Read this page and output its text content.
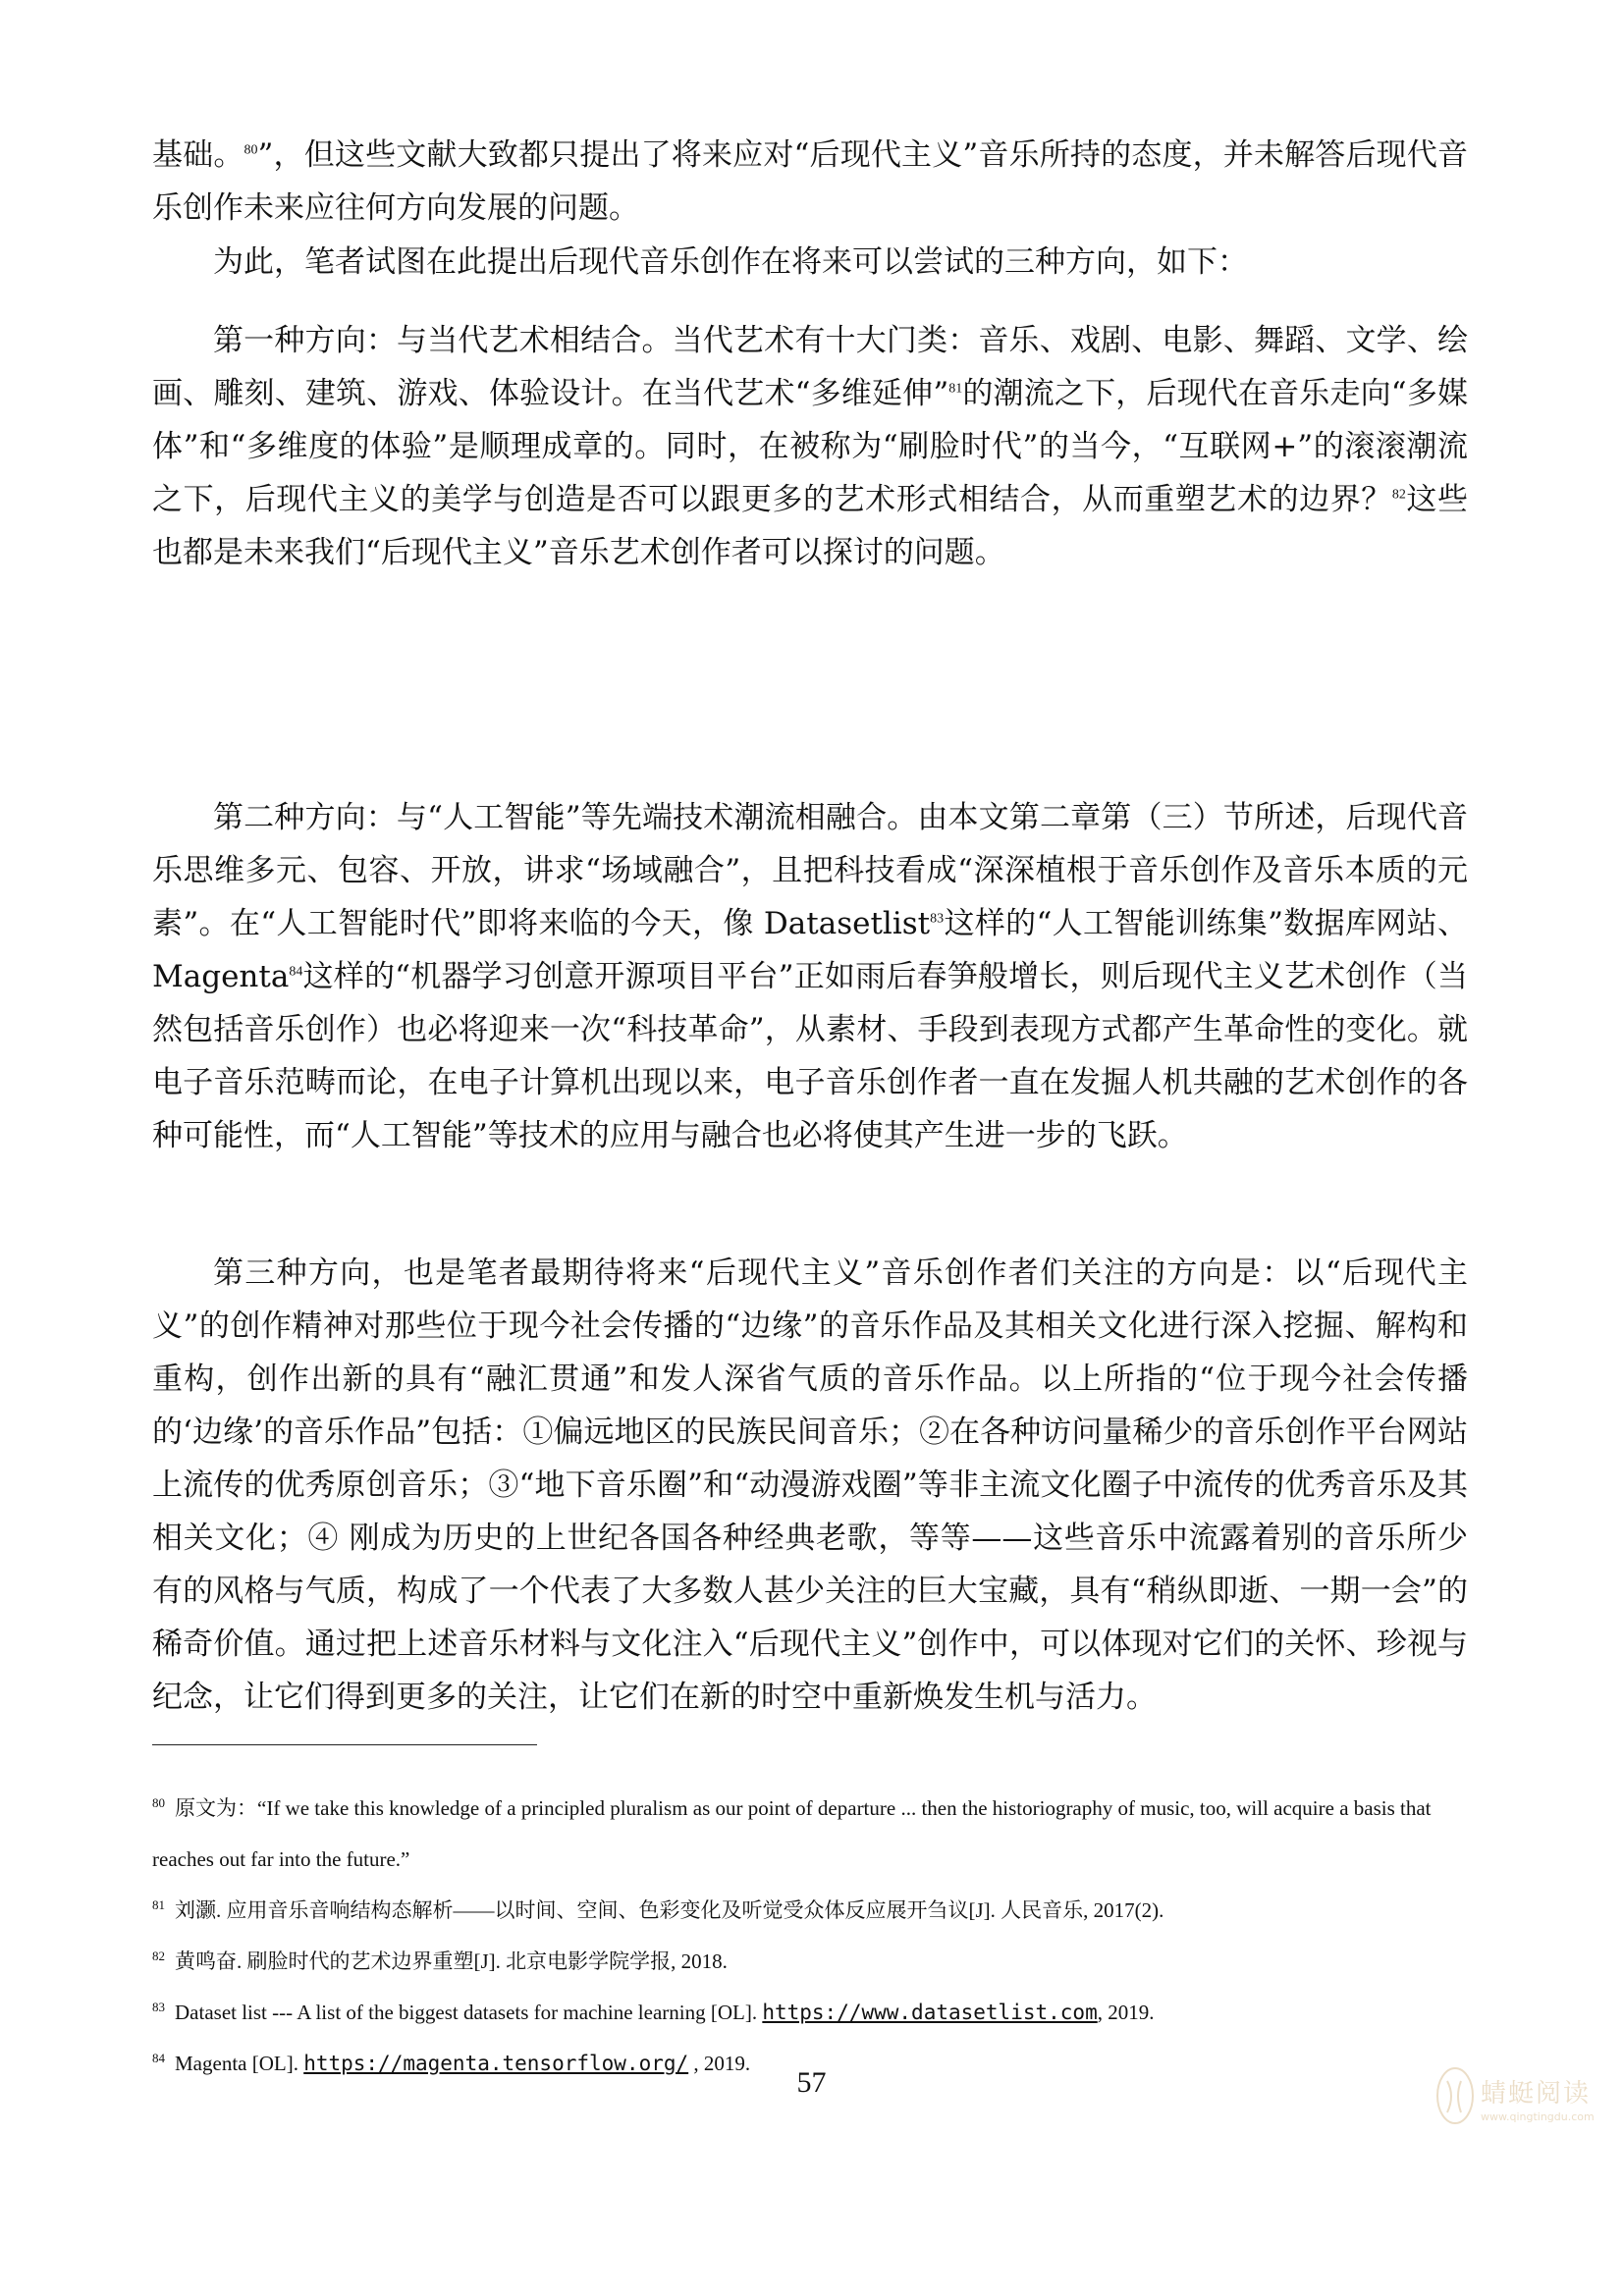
基础。$^{80}$”，但这些文献大致都只提出了将来应对“后现代主义”音乐所持的态度，并未解答后现代音乐创作未来应往何方向发展的问题。

为此，笔者试图在此提出后现代音乐创作在将来可以尝试的三种方向，如下：

第一种方向：与当代艺术相结合。当代艺术有十大门类：音乐、戏剧、电影、舞蹈、文学、绘画、雕刻、建筑、游戏、体验设计。在当代艺术“多维延伸”$^{81}$的潮流之下，后现代在音乐走向“多媒体”和“多维度的体验”是顺理成章的。同时，在被称为“刷脸时代”的当今，“互联网+”的滚滚潮流之下，后现代主义的美学与创造是否可以跟更多的艺术形式相结合，从而重塑艺术的边界？$^{82}$这些也都是未来我们“后现代主义”音乐艺术创作者可以探讨的问题。

第二种方向：与“人工智能”等先端技术潮流相融合。由本文第二章第（三）节所述，后现代音乐思维多元、包容、开放，讲求“场域融合”，且把科技看成“深深植根于音乐创作及音乐本质的元素”。在“人工智能时代”即将来临的今天，像 Datasetlist$^{83}$这样的“人工智能训练集”数据库网站、Magenta$^{84}$这样的“机器学习创意开源项目平台”正如雨后春笋般增长，则后现代主义艺术创作（当然包括音乐创作）也必将迎来一次“科技革命”，从素材、手段到表现方式都产生革命性的变化。就电子音乐范畴而论，在电子计算机出现以来，电子音乐创作者一直在发掘人机共融的艺术创作的各种可能性，而“人工智能”等技术的应用与融合也必将使其产生进一步的飞跃。

第三种方向，也是笔者最期待将来“后现代主义”音乐创作者们关注的方向是：以“后现代主义”的创作精神对那些位于现今社会传播的“边缘”的音乐作品及其相关文化进行深入挖掘、解构和重构，创作出新的具有“融汇贯通”和发人深省气质的音乐作品。以上所指的“位于现今社会传播的‘边缘’的音乐作品”包括：①偏远地区的民族民间音乐；②在各种访问量稀少的音乐创作平台网站上流传的优秀原创音乐；③“地下音乐圈”和“动漫游戏圈”等非主流文化圈子中流传的优秀音乐及其相关文化；④ 刚成为历史的上世纪各国各种经典老歌，等等——这些音乐中流露着别的音乐所少有的风格与气质，构成了一个代表了大多数人甚少关注的巨大宝藏，具有“稍纵即逝、一期一会”的稀奇价值。通过把上述音乐材料与文化注入“后现代主义”创作中，可以体现对它们的关怀、珍视与纪念，让它们得到更多的关注，让它们在新的时空中重新焕发生机与活力。

$^{80}$ 原文为：“If we take this knowledge of a principled pluralism as our point of departure ... then the historiography of music, too, will acquire a basis that reaches out far into the future.”

$^{81}$ 刘灏. 应用音乐音响结构态解析——以时间、空间、色彩变化及听觉受众体反应展开刍议[J]. 人民音乐, 2017(2).

$^{82}$ 黄鸣奋. 刷脸时代的艺术边界重塑[J]. 北京电影学院学报, 2018.

$^{83}$ Dataset list --- A list of the biggest datasets for machine learning [OL]. https://www.datasetlist.com, 2019.

$^{84}$ Magenta [OL]. https://magenta.tensorflow.org/ , 2019.

57	蜻蜓阅读
www.qingtingdu.com
